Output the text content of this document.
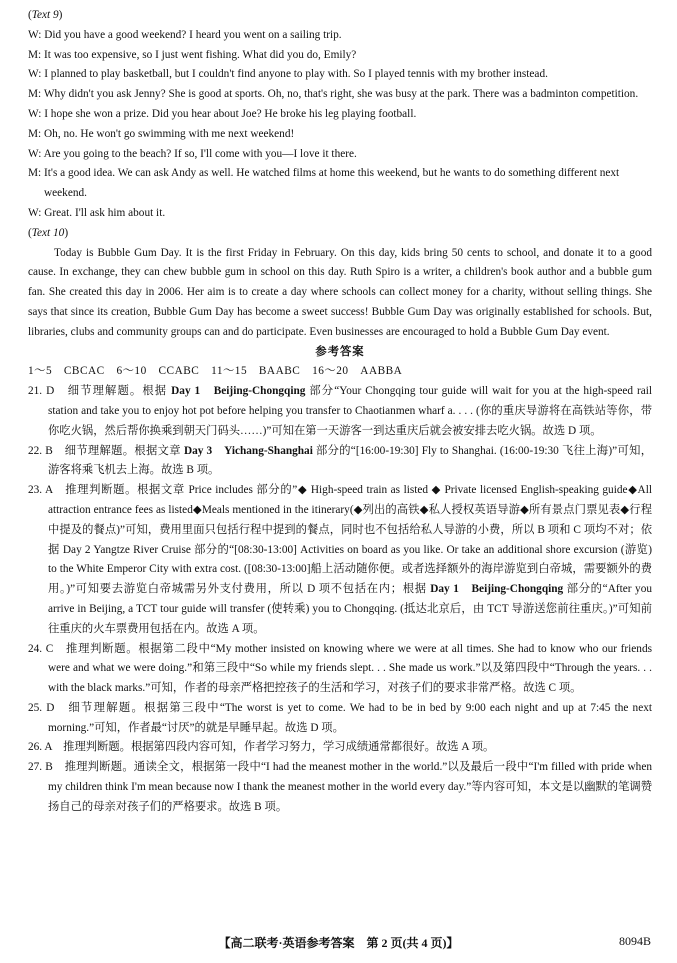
(Text 9)
W: Did you have a good weekend? I heard you went on a sailing trip.
M: It was too expensive, so I just went fishing. What did you do, Emily?
W: I planned to play basketball, but I couldn't find anyone to play with. So I played tennis with my brother instead.
M: Why didn't you ask Jenny? She is good at sports. Oh, no, that's right, she was busy at the park. There was a badminton competition.
W: I hope she won a prize. Did you hear about Joe? He broke his leg playing football.
M: Oh, no. He won't go swimming with me next weekend!
W: Are you going to the beach? If so, I'll come with you—I love it there.
M: It's a good idea. We can ask Andy as well. He watched films at home this weekend, but he wants to do something different next weekend.
W: Great. I'll ask him about it.
(Text 10)
Today is Bubble Gum Day. It is the first Friday in February. On this day, kids bring 50 cents to school, and donate it to a good cause. In exchange, they can chew bubble gum in school on this day. Ruth Spiro is a writer, a children's book author and a bubble gum fan. She created this day in 2006. Her aim is to create a day where schools can collect money for a charity, without selling things. She says that since its creation, Bubble Gum Day has become a sweet success! Bubble Gum Day was originally established for schools. But, libraries, clubs and community groups can and do participate. Even businesses are encouraged to hold a Bubble Gum Day event.
参考答案
1～5　CBCAC　6～10　CCABC　11～15　BAABC　16～20　AABBA
21. D　细节理解题。根据 Day 1　Beijing-Chongqing 部分“Your Chongqing tour guide will wait for you at the high-speed rail station and take you to enjoy hot pot before helping you transfer to Chaotianmen wharf a. . . . (你的重庆导游将在高铁站等你，带你吃火锅，然后帮你换乘到朝天门码头……)”可知在第一天游客一到达重庆后就会被安排去吃火锅。故选 D 项。
22. B　细节理解题。根据文章 Day 3　Yichang-Shanghai 部分的“[16:00-19:30] Fly to Shanghai. (16:00-19:30 飞往上海)”可知，游客将乘飞机去上海。故选 B 项。
23. A　推理判断题。根据文章 Price includes 部分的”◆ High-speed train as listed ◆ Private licensed English-speaking guide◆All attraction entrance fees as listed◆Meals mentioned in the itinerary(◆列出的高铁◆私人授权英语导游◆所有景点门票见表◆行程中提及的餐点)”可知，费用里面只包括行程中提到的餐点，同时也不包括给私人导游的小费，所以 B 项和 C 项均不对；依据 Day 2 Yangtze River Cruise 部分的“[08:30-13:00] Activities on board as you like. Or take an additional shore excursion (游览) to the White Emperor City with extra cost. ([08:30-13:00]船上活动随你便。或者选择额外的海岸游览到白帝城，需要额外的费用。)”可知要去游览白帝城需另外支付费用，所以 D 项不包括在内；根据 Day 1　Beijing-Chongqing 部分的“After you arrive in Beijing, a TCT tour guide will transfer (使转乘) you to Chongqing. (抵达北京后，由 TCT 导游送您前往重庆。)”可知前往重庆的火车票费用包括在内。故选 A 项。
24. C　推理判断题。根据第二段中“My mother insisted on knowing where we were at all times. She had to know who our friends were and what we were doing.”和第三段中“So while my friends slept. . . She made us work.”以及第四段中“Through the years. . . with the black marks.”可知，作者的母亲严格把控孩子的生活和学习，对孩子们的要求非常严格。故选 C 项。
25. D　细节理解题。根据第三段中“The worst is yet to come. We had to be in bed by 9:00 each night and up at 7:45 the next morning.”可知，作者最“讨厌”的就是早睡早起。故选 D 项。
26. A　推理判断题。根据第四段内容可知，作者学习努力，学习成绩通常都很好。故选 A 项。
27. B　推理判断题。通读全文，根据第一段中“I had the meanest mother in the world.”以及最后一段中“I'm filled with pride when my children think I'm mean because now I thank the meanest mother in the world every day.”等内容可知，本文是以幽默的笔调赞扬自己的母亲对孩子们的严格要求。故选 B 项。
【高二联考·英语参考答案　第 2 页(共 4 页)】	8094B
